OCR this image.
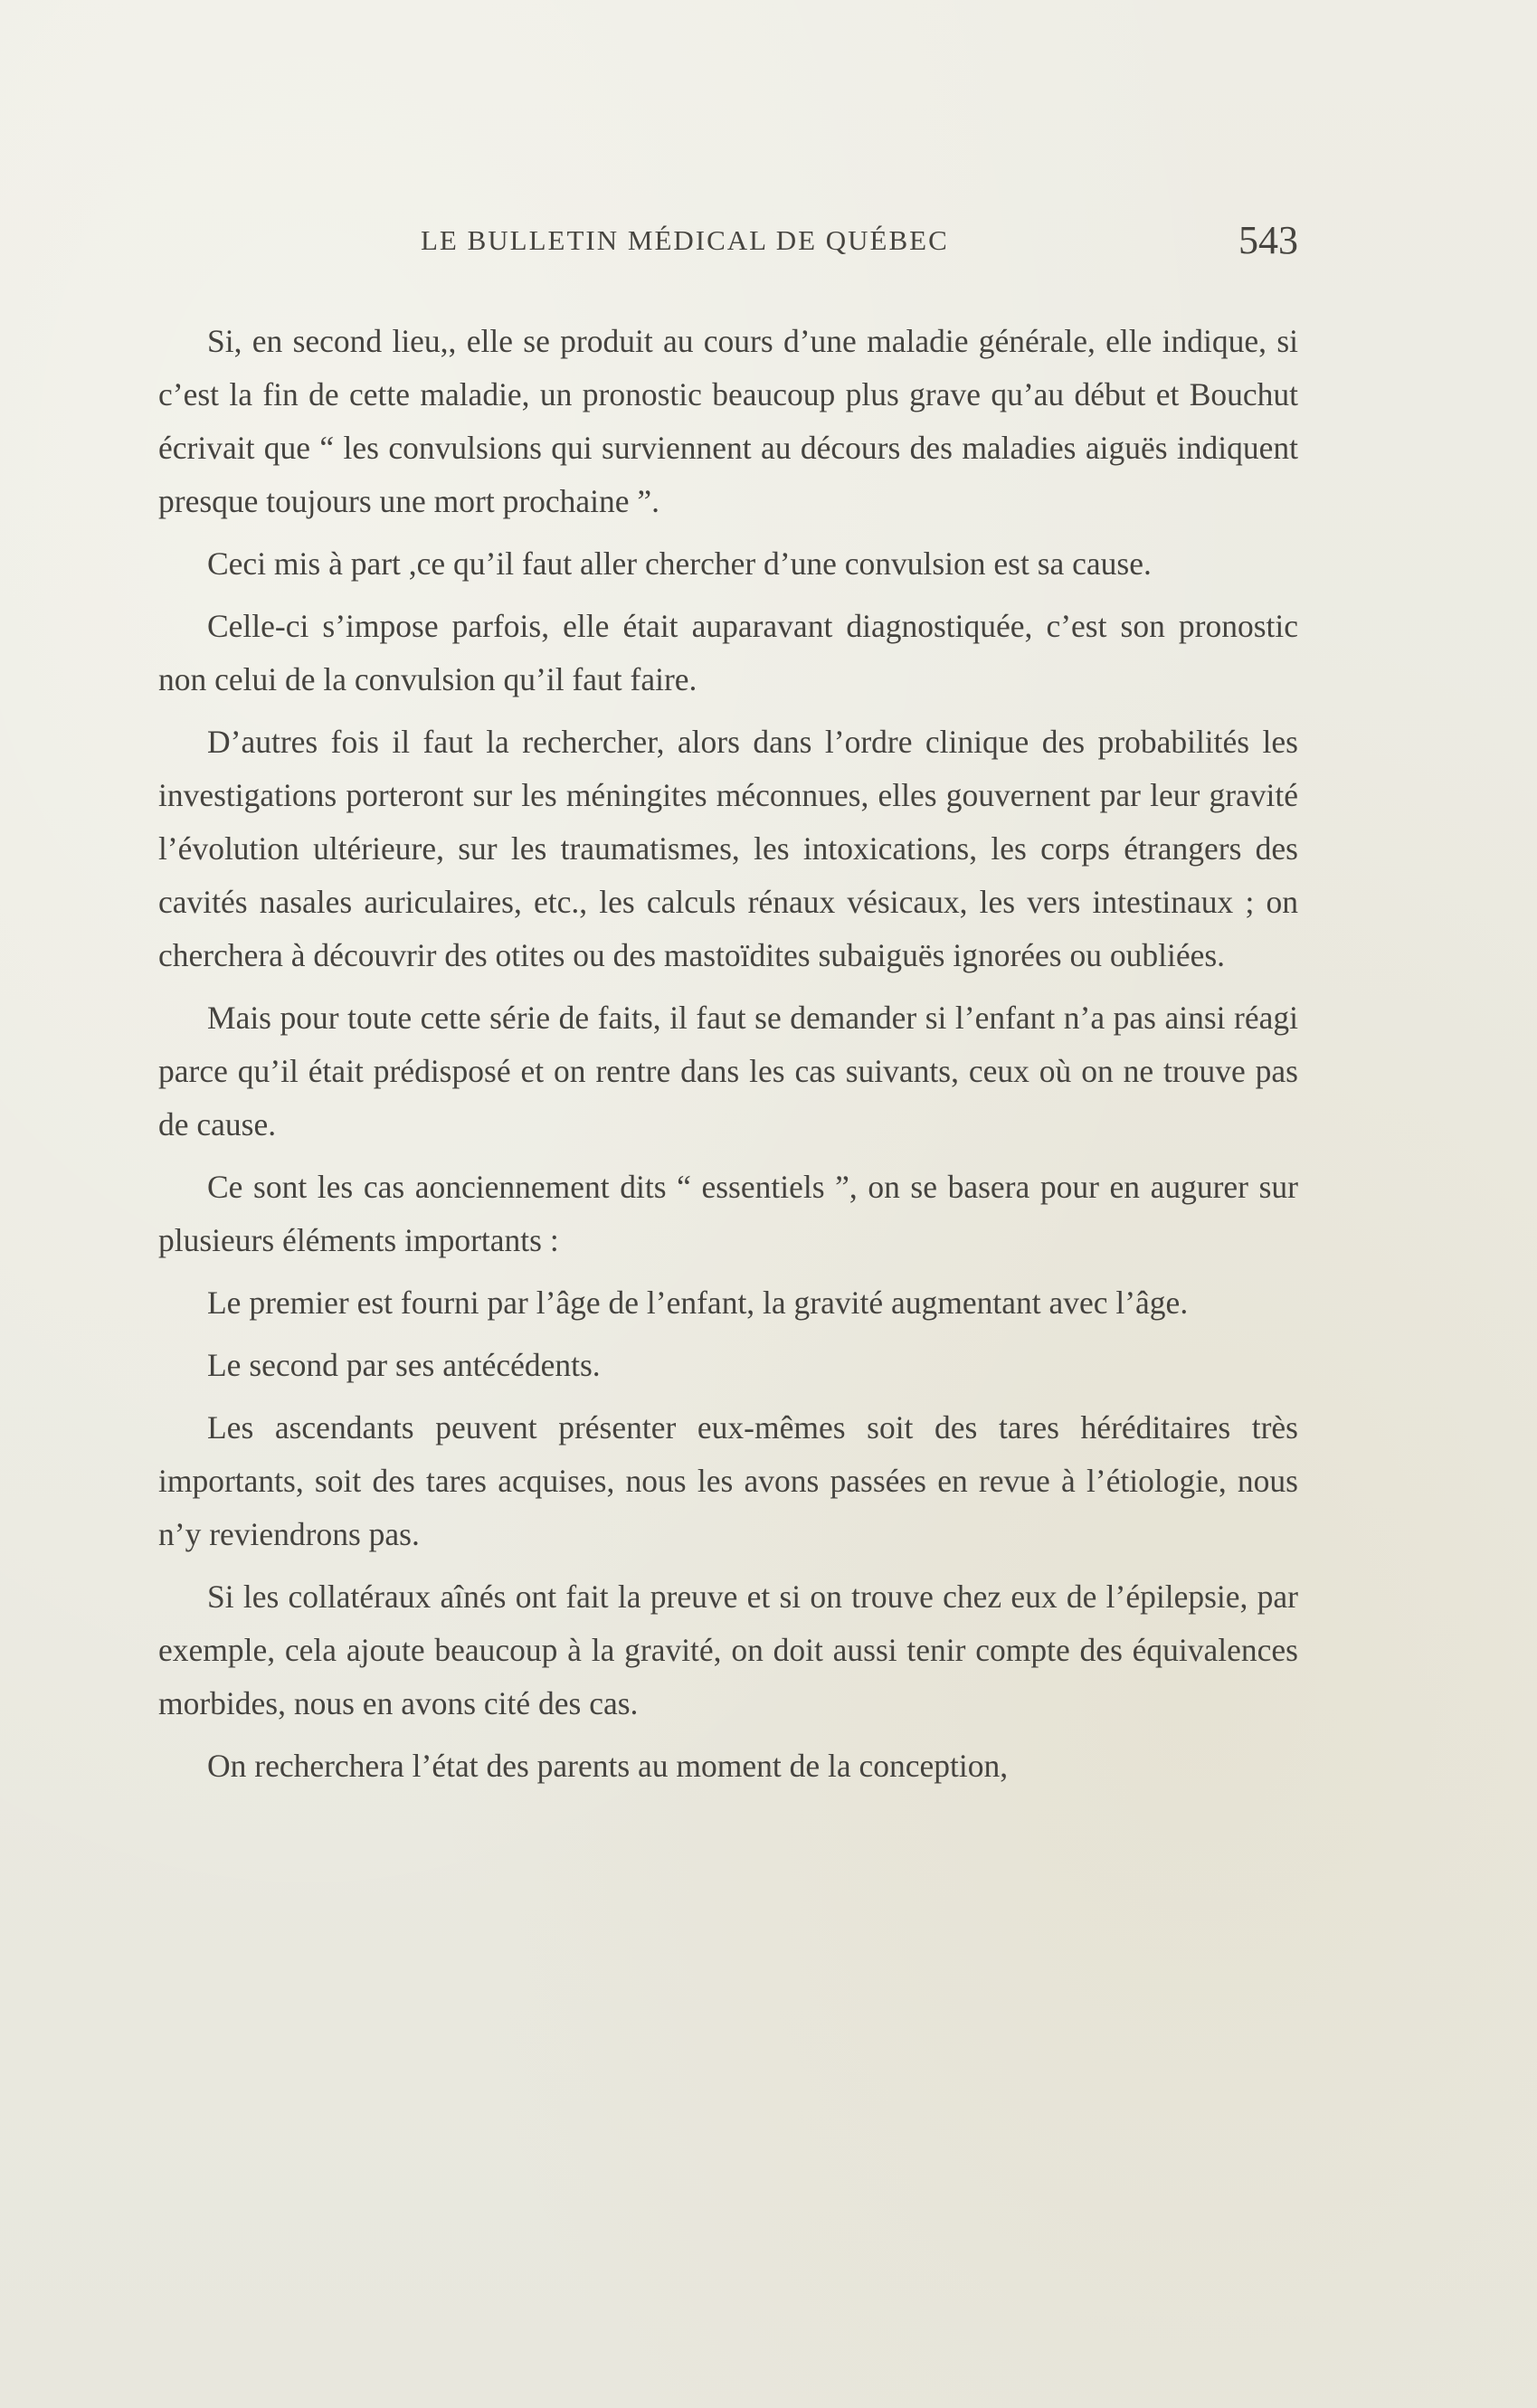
LE BULLETIN MÉDICAL DE QUÉBEC	543

Si, en second lieu,, elle se produit au cours d’une maladie générale, elle indique, si c’est la fin de cette maladie, un pronostic beaucoup plus grave qu’au début et Bouchut écrivait que “ les convulsions qui surviennent au décours des maladies aiguës indiquent presque toujours une mort prochaine ”.

Ceci mis à part ,ce qu’il faut aller chercher d’une convulsion est sa cause.

Celle-ci s’impose parfois, elle était auparavant diagnostiquée, c’est son pronostic non celui de la convulsion qu’il faut faire.

D’autres fois il faut la rechercher, alors dans l’ordre clinique des probabilités les investigations porteront sur les méningites méconnues, elles gouvernent par leur gravité l’évolution ultérieure, sur les traumatismes, les intoxications, les corps étrangers des cavités nasales auriculaires, etc., les calculs rénaux vésicaux, les vers intestinaux ; on cherchera à découvrir des otites ou des mastoïdites subaiguës ignorées ou oubliées.

Mais pour toute cette série de faits, il faut se demander si l’enfant n’a pas ainsi réagi parce qu’il était prédisposé et on rentre dans les cas suivants, ceux où on ne trouve pas de cause.

Ce sont les cas aonciennement dits “ essentiels ”, on se basera pour en augurer sur plusieurs éléments importants :

Le premier est fourni par l’âge de l’enfant, la gravité augmentant avec l’âge.

Le second par ses antécédents.

Les ascendants peuvent présenter eux-mêmes soit des tares héréditaires très importants, soit des tares acquises, nous les avons passées en revue à l’étiologie, nous n’y reviendrons pas.

Si les collatéraux aînés ont fait la preuve et si on trouve chez eux de l’épilepsie, par exemple, cela ajoute beaucoup à la gravité, on doit aussi tenir compte des équivalences morbides, nous en avons cité des cas.

On recherchera l’état des parents au moment de la conception,
